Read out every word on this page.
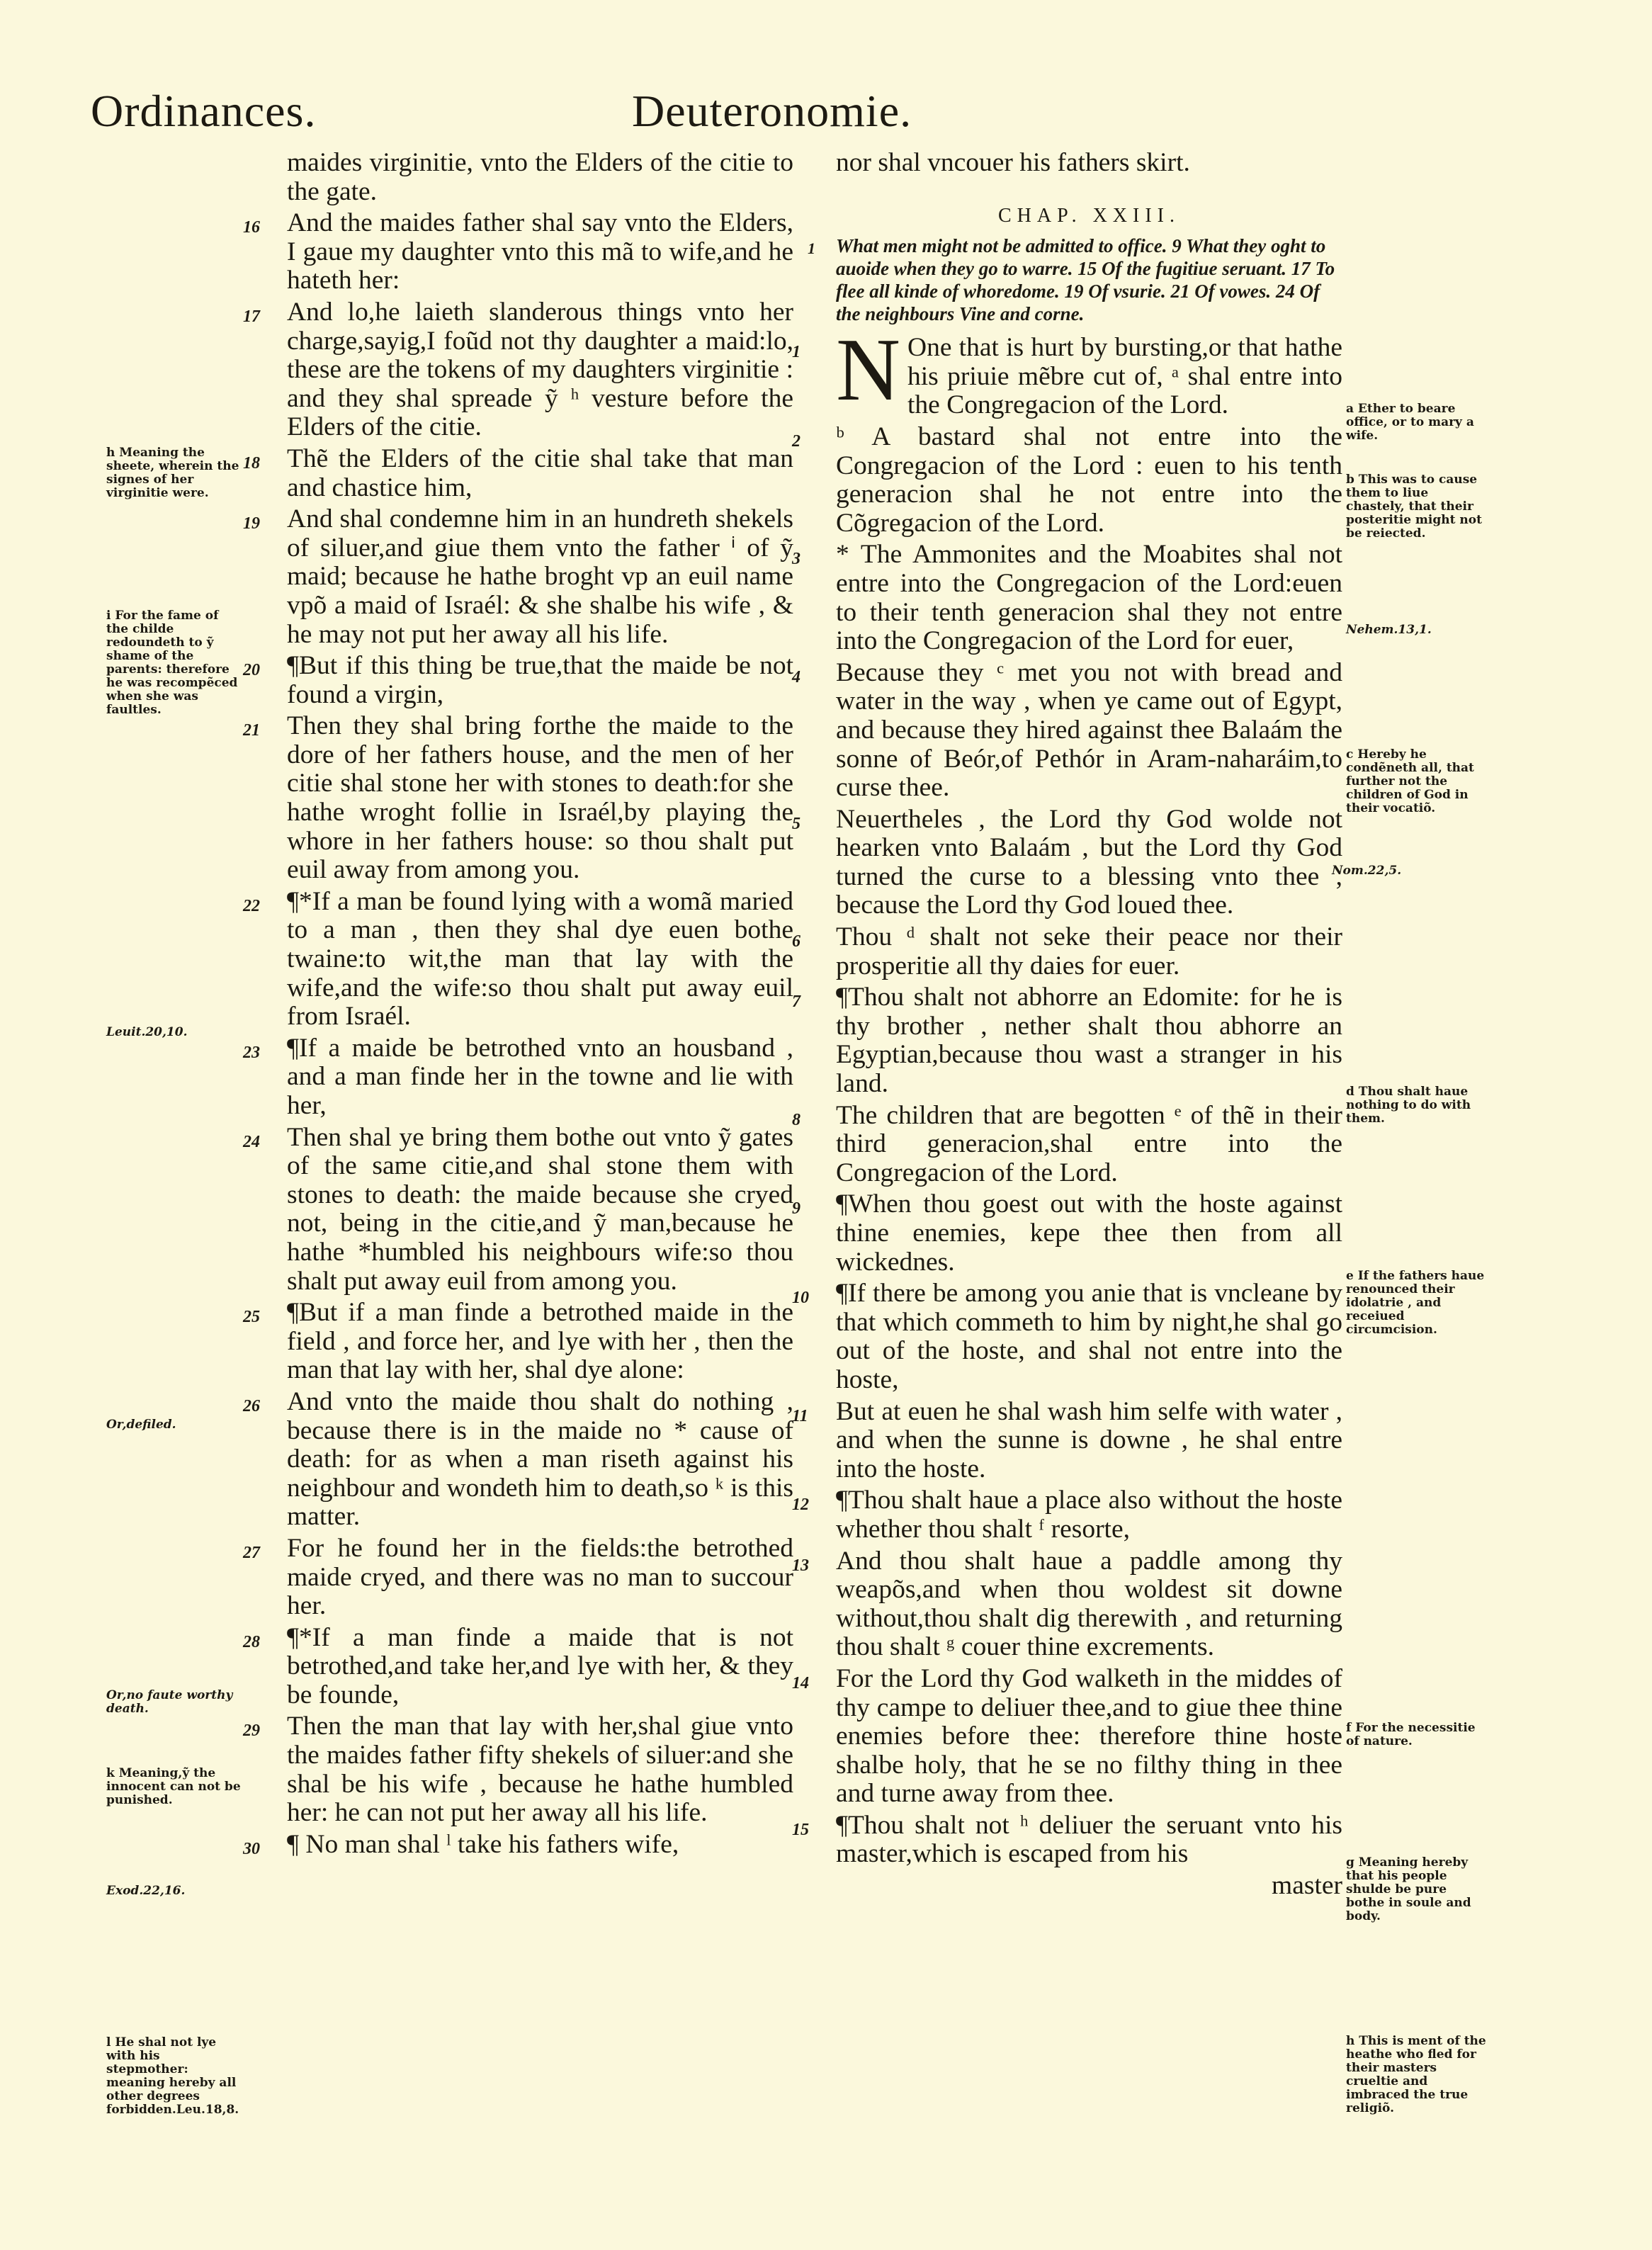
Ordinances.	Deuteronomie.
maides virginitie, vnto the Elders of the citie to the gate.
16 And the maides father shal say vnto the Elders, I gaue my daughter vnto this mã to wife,and he hateth her:
17 And lo,he laieth slanderous things vnto her charge,sayig,I foũd not thy daughter a maid:lo, these are the tokens of my daughters virginitie : and they shal spreade ỹ ʰ vesture before the Elders of the citie.
18 Thẽ the Elders of the citie shal take that man and chastice him,
19 And shal condemne him in an hundreth shekels of siluer,and giue them vnto the father ⁱ of ỹ maid; because he hathe broght vp an euil name vpõ a maid of Israél: & she shalbe his wife , & he may not put her away all his life.
20 ¶But if this thing be true,that the maide be not found a virgin,
21 Then they shal bring forthe the maide to the dore of her fathers house, and the men of her citie shal stone her with stones to death:for she hathe wroght follie in Israél,by playing the whore in her fathers house: so thou shalt put euil away from among you.
22 ¶*If a man be found lying with a womã maried to a man , then they shal dye euen bothe twaine:to wit,the man that lay with the wife,and the wife:so thou shalt put away euil from Israél.
23 ¶If a maide be betrothed vnto an housband , and a man finde her in the towne and lie with her,
24 Then shal ye bring them bothe out vnto ỹ gates of the same citie,and shal stone them with stones to death: the maide because she cryed not, being in the citie,and ỹ man,because he hathe *humbled his neighbours wife:so thou shalt put away euil from among you.
25 ¶But if a man finde a betrothed maide in the field , and force her, and lye with her , then the man that lay with her, shal dye alone:
26 And vnto the maide thou shalt do nothing , because there is in the maide no * cause of death: for as when a man riseth against his neighbour and wondeth him to death,so ᵏ is this matter.
27 For he found her in the fields:the betrothed maide cryed, and there was no man to succour her.
28 ¶*If a man finde a maide that is not betrothed,and take her,and lye with her, & they be founde,
29 Then the man that lay with her,shal giue vnto the maides father fifty shekels of siluer:and she shal be his wife , because he hathe humbled her: he can not put her away all his life.
30 ¶ No man shal ˡ take his fathers wife,
nor shal vncouer his fathers skirt.
CHAP. XXIII.
1 What men might not be admitted to office. 9 What they oght to auoide when they go to warre. 15 Of the fugitiue seruant. 17 To flee all kinde of whoredome. 19 Of vsurie. 21 Of vowes. 24 Of the neighbours Vine and corne.
1 N One that is hurt by bursting,or that hathe his priuie mẽbre cut of, ᵃ shal entre into the Congregacion of the Lord.
2 ᵇ A bastard shal not entre into the Congregacion of the Lord : euen to his tenth generacion shal he not entre into the Cõgregacion of the Lord.
3 * The Ammonites and the Moabites shal not entre into the Congregacion of the Lord:euen to their tenth generacion shal they not entre into the Congregacion of the Lord for euer,
4 Because they ᶜ met you not with bread and water in the way , when ye came out of Egypt, and because they hired against thee Balaám the sonne of Beór,of Pethór in Aram-naharáim,to curse thee.
5 Neuertheles , the Lord thy God wolde not hearken vnto Balaám , but the Lord thy God turned the curse to a blessing vnto thee , because the Lord thy God loued thee.
6 Thou ᵈ shalt not seke their peace nor their prosperitie all thy daies for euer.
7 ¶Thou shalt not abhorre an Edomite: for he is thy brother , nether shalt thou abhorre an Egyptian,because thou wast a stranger in his land.
8 The children that are begotten ᵉ of thẽ in their third generacion,shal entre into the Congregacion of the Lord.
9 ¶When thou goest out with the hoste against thine enemies, kepe thee then from all wickednes.
10 ¶If there be among you anie that is vncleane by that which commeth to him by night,he shal go out of the hoste, and shal not entre into the hoste,
11 But at euen he shal wash him selfe with water , and when the sunne is downe , he shal entre into the hoste.
12 ¶Thou shalt haue a place also without the hoste whether thou shalt ᶠ resorte,
13 And thou shalt haue a paddle among thy weapõs,and when thou woldest sit downe without,thou shalt dig therewith , and returning thou shalt ᵍ couer thine excrements.
14 For the Lord thy God walketh in the middes of thy campe to deliuer thee,and to giue thee thine enemies before thee: therefore thine hoste shalbe holy, that he se no filthy thing in thee and turne away from thee.
15 ¶Thou shalt not ʰ deliuer the seruant vnto his master,which is escaped from his
master
h Meaning the sheete, wherein the signes of her virginitie were.
i For the fame of the childe redoundeth to ỹ shame of the parents: therefore he was recompẽced when she was faultles.
Leuit.20,10.
Or,defiled.
Or,no faute worthy death.
k Meaning,ỹ the innocent can not be punished.
Exod.22,16.
l He shal not lye with his stepmother: meaning hereby all other degrees forbidden.Leu.18,8.
a Ether to beare office, or to mary a wife.
b This was to cause them to liue chastely, that their posteritie might not be reiected.
Nehem.13,1.
c Hereby he condẽneth all, that further not the children of God in their vocatiõ.
d Thou shalt haue nothing to do with them.
e If the fathers haue renounced their idolatrie , and receiued circumcision.
f For the necessitie of nature.
g Meaning hereby that his people shulde be pure bothe in soule and body.
h This is ment of the heathe who fled for their masters crueltie and imbraced the true religiõ.
Nom.22,5.
